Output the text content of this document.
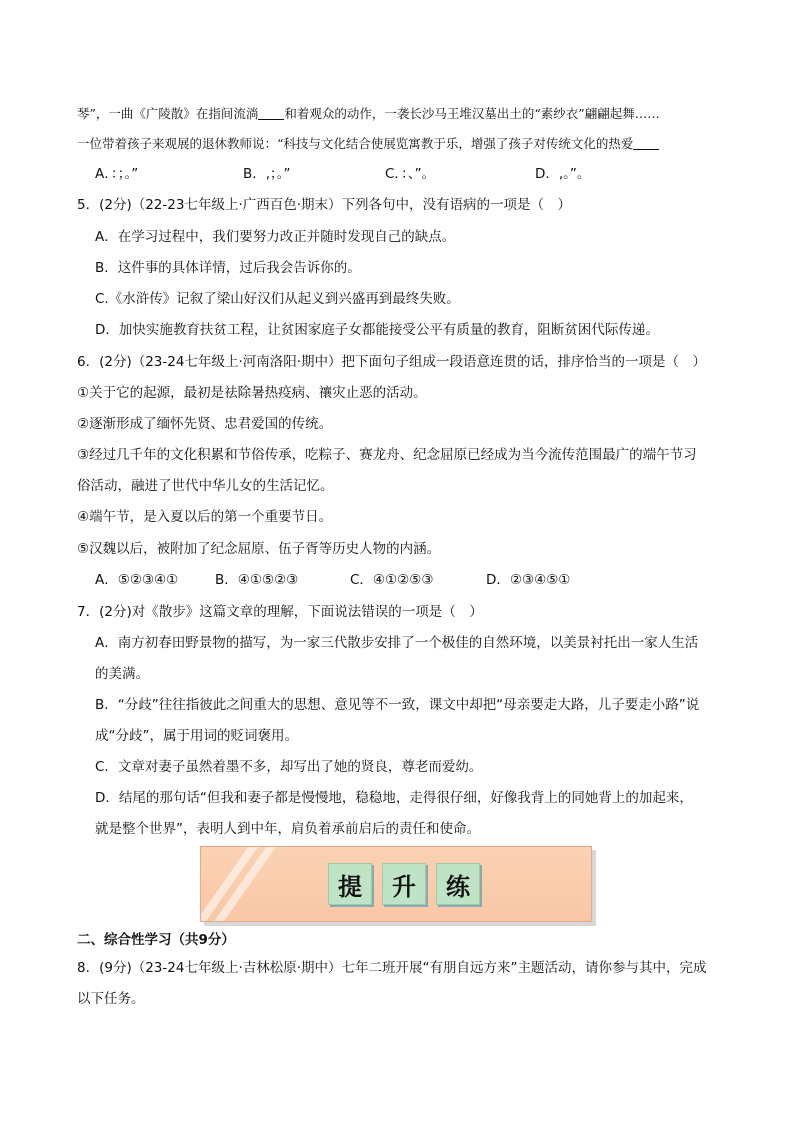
琴”，一曲《广陵散》在指间流淌 和着观众的动作，一袭长沙马王堆汉墓出土的“素纱衣”翩翩起舞……
一位带着孩子来观展的退休教师说：“科技与文化结合使展览寓教于乐，增强了孩子对传统文化的热爱
A．：；。”	B．,；。”	C．：、”。	D．,。”。
5．(2分)（22-23七年级上·广西百色·期末）下列各句中，没有语病的一项是（　）
A．在学习过程中，我们要努力改正并随时发现自己的缺点。
B．这件事的具体详情，过后我会告诉你的。
C.《水浒传》记叙了梁山好汉们从起义到兴盛再到最终失败。
D．加快实施教育扶贫工程，让贫困家庭子女都能接受公平有质量的教育，阻断贫困代际传递。
6．(2分)（23-24七年级上·河南洛阳·期中）把下面句子组成一段语意连贯的话，排序恰当的一项是（　）
①关于它的起源，最初是祛除暑热疫病、禳灾止恶的活动。
②逐渐形成了缅怀先贤、忠君爱国的传统。
③经过几千年的文化积累和节俗传承，吃粽子、赛龙舟、纪念屈原已经成为当今流传范围最广的端午节习
俗活动，融进了世代中华儿女的生活记忆。
④端午节，是入夏以后的第一个重要节日。
⑤汉魏以后，被附加了纪念屈原、伍子胥等历史人物的内涵。
A．⑤②③④①	B．④①⑤②③	C．④①②⑤③	D．②③④⑤①
7．(2分)对《散步》这篇文章的理解，下面说法错误的一项是（　）
A．南方初春田野景物的描写，为一家三代散步安排了一个极佳的自然环境，以美景衬托出一家人生活
的美满。
B．“分歧”往往指彼此之间重大的思想、意见等不一致，课文中却把“母亲要走大路，儿子要走小路”说
成“分歧”，属于用词的贬词褒用。
C．文章对妻子虽然着墨不多，却写出了她的贤良，尊老而爱幼。
D．结尾的那句话“但我和妻子都是慢慢地，稳稳地，走得很仔细，好像我背上的同她背上的加起来，
就是整个世界”，表明人到中年，肩负着承前启后的责任和使命。
提	升	练
二、综合性学习（共9分）
8．(9分)（23-24七年级上·吉林松原·期中）七年二班开展“有朋自远方来”主题活动，请你参与其中，完成
以下任务。
